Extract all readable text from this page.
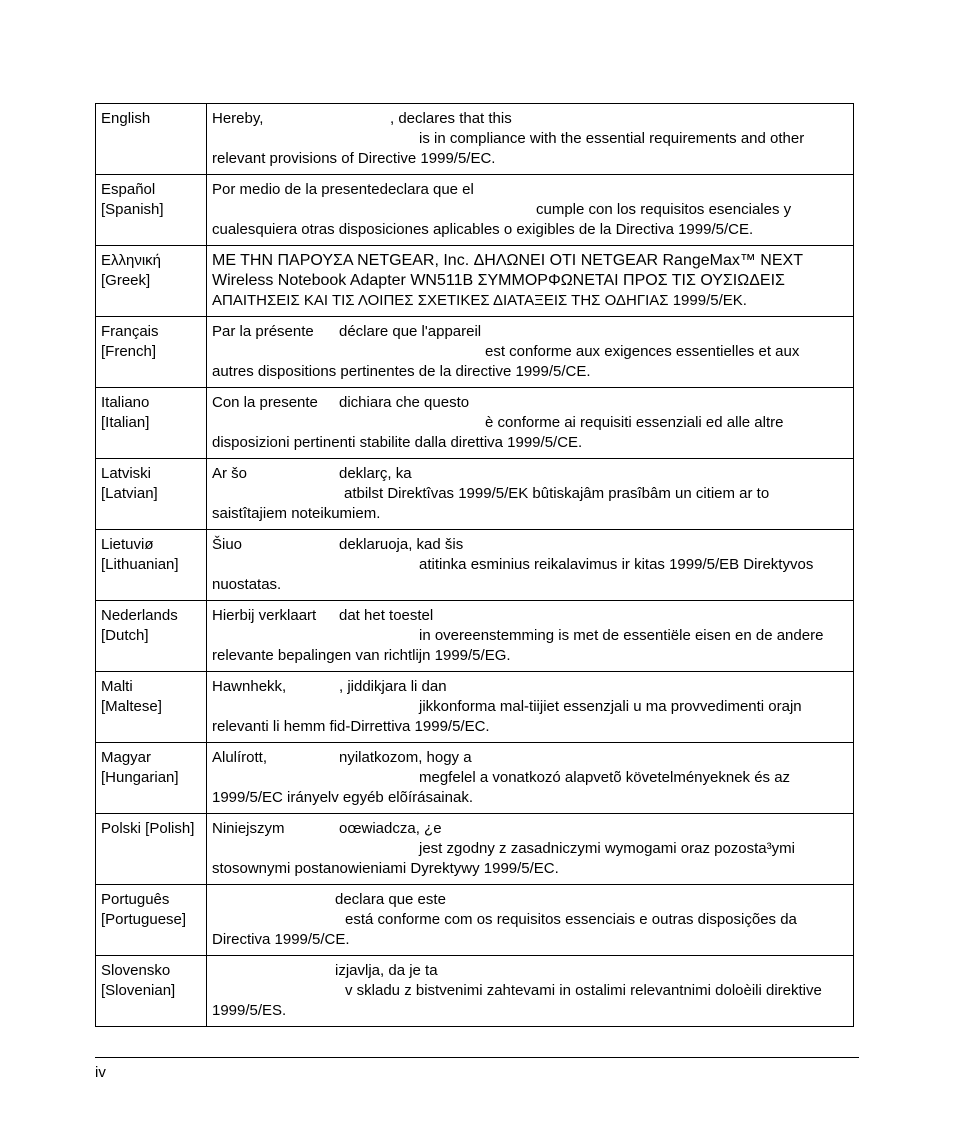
English	Hereby, , declares that this
is in compliance with the essential requirements and other
relevant provisions of Directive 1999/5/EC.

Español
[Spanish]	Por medio de la presentedeclara que el
cumple con los requisitos esenciales y
cualesquiera otras disposiciones aplicables o exigibles de la Directiva 1999/5/CE.

Ελληνική
[Greek]	ΜΕ ΤΗΝ ΠΑΡΟΥΣΑ NETGEAR, Inc. ΔΗΛΩΝΕΙ ΟΤΙ NETGEAR RangeMax™ NEXT
Wireless Notebook Adapter WN511B ΣΥΜΜΟΡΦΩΝΕΤΑΙ ΠΡΟΣ ΤΙΣ ΟΥΣΙΩΔΕΙΣ
ΑΠΑΙΤΗΣΕΙΣ ΚΑΙ ΤΙΣ ΛΟΙΠΕΣ ΣΧΕΤΙΚΕΣ ΔΙΑΤΑΞΕΙΣ ΤΗΣ ΟΔΗΓΙΑΣ 1999/5/ΕΚ.

Français
[French]	Par la présente déclare que l'appareil
est conforme aux exigences essentielles et aux
autres dispositions pertinentes de la directive 1999/5/CE.

Italiano
[Italian]	Con la presente dichiara che questo
è conforme ai requisiti essenziali ed alle altre
disposizioni pertinenti stabilite dalla direttiva 1999/5/CE.

Latviski
[Latvian]	Ar šo deklarç, ka
atbilst Direktîvas 1999/5/EK bûtiskajâm prasîbâm un citiem ar to
saistîtajiem noteikumiem.

Lietuviø
[Lithuanian]	Šiuo deklaruoja, kad šis
atitinka esminius reikalavimus ir kitas 1999/5/EB Direktyvos
nuostatas.

Nederlands
[Dutch]	Hierbij verklaart dat het toestel
in overeenstemming is met de essentiële eisen en de andere
relevante bepalingen van richtlijn 1999/5/EG.

Malti
[Maltese]	Hawnhekk, , jiddikjara li dan
jikkonforma mal-tiijiet essenzjali u ma provvedimenti orajn
relevanti li hemm fid-Dirrettiva 1999/5/EC.

Magyar
[Hungarian]	Alulírott, nyilatkozom, hogy a
megfelel a vonatkozó alapvetõ követelményeknek és az
1999/5/EC irányelv egyéb elõírásainak.

Polski [Polish]	Niniejszym oœwiadcza, ¿e
jest zgodny z zasadniczymi wymogami oraz pozosta³ymi
stosownymi postanowieniami Dyrektywy 1999/5/EC.

Português
[Portuguese]	declara que este
está conforme com os requisitos essenciais e outras disposições da
Directiva 1999/5/CE.

Slovensko
[Slovenian]	izjavlja, da je ta
v skladu z bistvenimi zahtevami in ostalimi relevantnimi doloèili direktive
1999/5/ES.
iv
